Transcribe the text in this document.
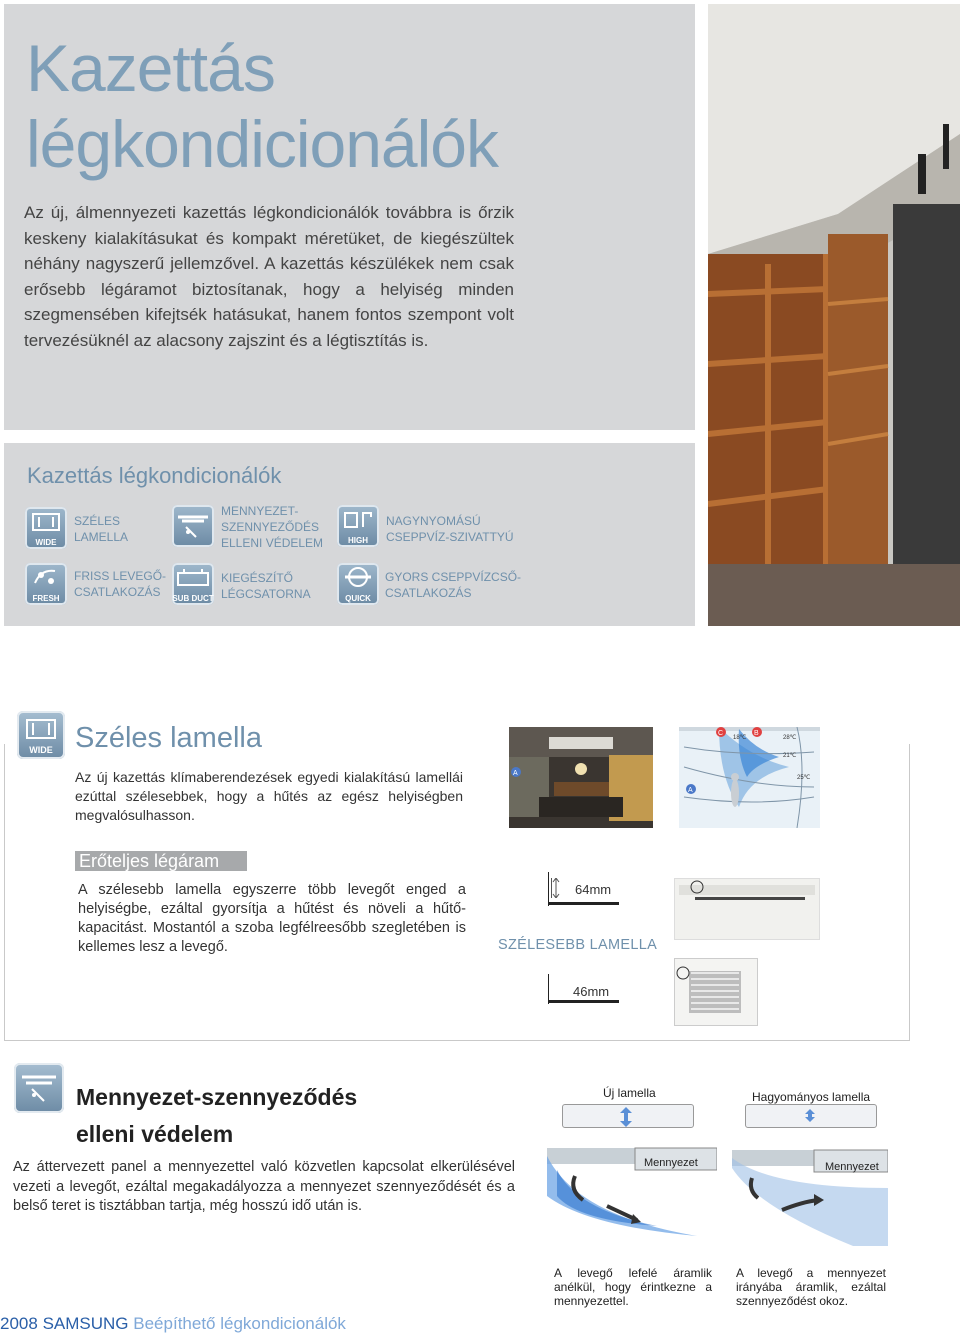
Kazettás
légkondicionálók
Az új, álmennyezeti kazettás légkondicionálók továbbra is őrzik keskeny kialakításukat és kompakt méretüket, de kiegészültek néhány nagyszerű jellemzővel. A kazettás készülékek nem csak erősebb légáramot biztosítanak, hogy a helyiség minden szegmensében kifejtsék hatásukat, hanem fontos szempont volt tervezésüknél az alacsony zajszint és a légtisztítás is.
Kazettás légkondicionálók
WIDE
SZÉLES
LAMELLA
MENNYEZET-
SZENNYEZŐDÉS
ELLENI VÉDELEM	HIGH
NAGYNYOMÁSÚ
CSEPPVÍZ-SZIVATTYÚ
FRESH
FRISS LEVEGŐ-
CSATLAKOZÁS	SUB DUCT
KIEGÉSZÍTŐ
LÉGCSATORNA	QUICK
GYORS CSEPPVÍZCSŐ-
CSATLAKOZÁS
WIDE Széles lamella
Az új kazettás klímaberendezések egyedi kialakítású lamellái ezúttal szélesebbek, hogy a hűtés az egész helyiségben megvalósulhasson.
Erőteljes légáram
A szélesebb lamella egyszerre több levegőt enged a helyiségbe, ezáltal gyorsítja a hűtést és növeli a hűtő-kapacitást. Mostantól a szoba legfélreesőbb szegletében is kellemes lesz a levegő.
A
A
B
C
18℃
21℃
25℃
28℃
64mm
SZÉLESEBB LAMELLA
46mm
Mennyezet-szennyeződés
elleni védelem
Az áttervezett panel a mennyezettel való közvetlen kapcsolat elkerülésével vezeti a levegőt, ezáltal megakadályozza a mennyezet szennyeződését és a belső teret is tisztábban tartja, még hosszú idő után is.
Új lamella	Hagyományos lamella
Mennyezet	Mennyezet
A levegő lefelé áramlik anélkül, hogy érintkezne a mennyezettel.
A levegő a mennyezet irányába áramlik, ezáltal szennyeződést okoz.
2008 SAMSUNG Beépíthető légkondicionálók
